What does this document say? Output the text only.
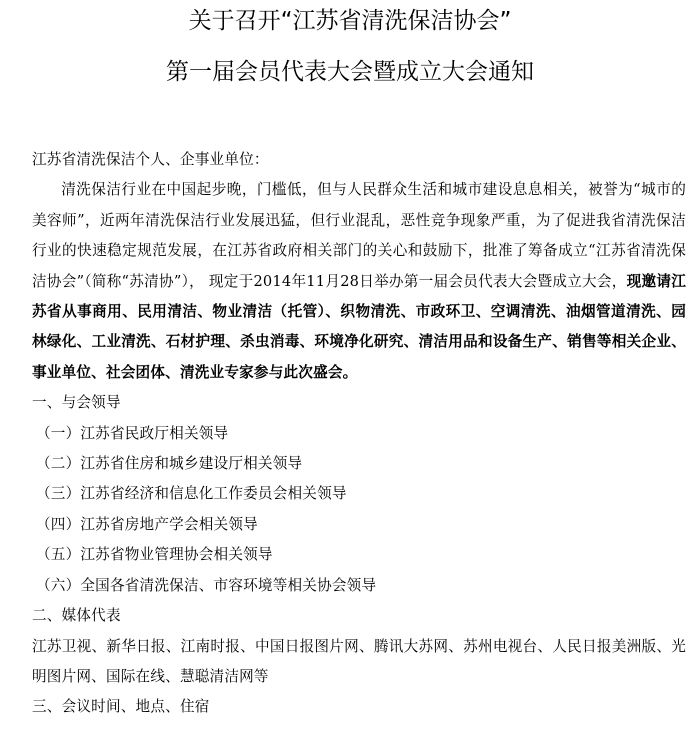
关于召开“江苏省清洗保洁协会”
第一届会员代表大会暨成立大会通知

江苏省清洗保洁个人、企事业单位：

清洗保洁行业在中国起步晚，门槛低，但与人民群众生活和城市建设息息相关，被誉为“城市的美容师”，近两年清洗保洁行业发展迅猛，但行业混乱，恶性竞争现象严重，为了促进我省清洗保洁行业的快速稳定规范发展，在江苏省政府相关部门的关心和鼓励下，批准了筹备成立“江苏省清洗保洁协会”（简称“苏清协”）， 现定于2014年11月28日举办第一届会员代表大会暨成立大会，现邀请江苏省从事商用、民用清洁、物业清洁（托管）、织物清洗、市政环卫、空调清洗、油烟管道清洗、园林绿化、工业清洗、石材护理、杀虫消毒、环境净化研究、清洁用品和设备生产、销售等相关企业、事业单位、社会团体、清洗业专家参与此次盛会。

一、与会领导

（一）江苏省民政厅相关领导

（二）江苏省住房和城乡建设厅相关领导

（三）江苏省经济和信息化工作委员会相关领导

（四）江苏省房地产学会相关领导

（五）江苏省物业管理协会相关领导

（六）全国各省清洗保洁、市容环境等相关协会领导

二、媒体代表

江苏卫视、新华日报、江南时报、中国日报图片网、腾讯大苏网、苏州电视台、人民日报美洲版、光明图片网、国际在线、慧聪清洁网等

三、会议时间、地点、住宿
